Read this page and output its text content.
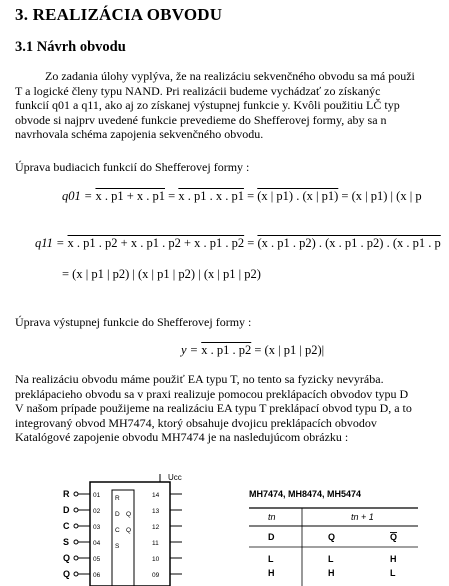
3. REALIZÁCIA OBVODU
3.1 Návrh obvodu
Zo zadania úlohy vyplýva, že na realizáciu sekvenčného obvodu sa má použi
T a logické členy typu NAND. Pri realizácii budeme vychádzať zo získanýc
funkcií q01 a q11, ako aj zo získanej výstupnej funkcie y. Kvôli použitiu LČ typ
obvode si najprv uvedené funkcie prevedieme do Shefferovej formy, aby sa n
navrhovala schéma zapojenia sekvenčného obvodu.
Úprava budiacich funkcií do Shefferovej formy :
q01 = x . p1 + x . p1 = x . p1 . x . p1 = (x | p1) . (x | p1) = (x | p1) | (x | p
q11 = x . p1 . p2 + x . p1 . p2 + x . p1 . p2 = (x . p1 . p2) . (x . p1 . p2) . (x . p1 . p
= (x | p1 | p2) | (x | p1 | p2) | (x | p1 | p2)
Úprava výstupnej funkcie do Shefferovej formy :
y = x . p1 . p2 = (x | p1 | p2)|
Na realizáciu obvodu máme použiť EA typu T, no tento sa fyzicky nevyrába.
preklápacieho obvodu sa v praxi realizuje pomocou preklápacích obvodov typu D
V našom prípade použijeme na realizáciu EA typu T preklápací obvod typu D, a to
integrovaný obvod MH7474, ktorý obsahuje dvojicu preklápacích obvodov
Katalógové zapojenie obvodu MH7474 je na nasledujúcom obrázku :
Ucc
R
D
C
S
Q
Q
01
02
03
04
05
06
14
13
12
11
10
09
R
D
C
S
Q
Q
MH7474, MH8474, MH5474
tn	tn + 1
D	Q	Q
L	L	H
H	H	L
